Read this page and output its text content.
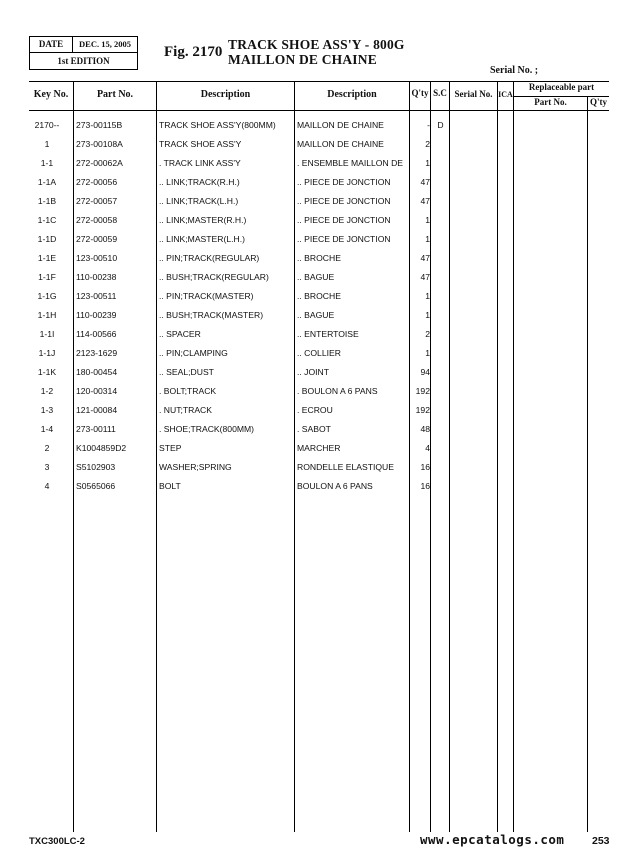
DATE	DEC. 15, 2005
1st EDITION
Fig. 2170 TRACK SHOE ASS'Y - 800G
MAILLON DE CHAINE
Serial No. ;
Key No.	Part No.	Description	Description	Q'ty S.C Serial No. ICA
Replaceable part
Part No.	Q'ty
2170--	273-00115B	TRACK SHOE ASS'Y(800MM)	MAILLON DE CHAINE	- D
1	273-00108A	TRACK SHOE ASS'Y	MAILLON DE CHAINE	2
1-1	272-00062A	. TRACK LINK ASS'Y	. ENSEMBLE MAILLON DE	1
1-1A	272-00056	.. LINK;TRACK(R.H.)	.. PIECE DE JONCTION	47
1-1B	272-00057	.. LINK;TRACK(L.H.)	.. PIECE DE JONCTION	47
1-1C	272-00058	.. LINK;MASTER(R.H.)	.. PIECE DE JONCTION	1
1-1D	272-00059	.. LINK;MASTER(L.H.)	.. PIECE DE JONCTION	1
1-1E	123-00510	.. PIN;TRACK(REGULAR)	.. BROCHE	47
1-1F	110-00238	.. BUSH;TRACK(REGULAR)	.. BAGUE	47
1-1G	123-00511	.. PIN;TRACK(MASTER)	.. BROCHE	1
1-1H	110-00239	.. BUSH;TRACK(MASTER)	.. BAGUE	1
1-1I	114-00566	.. SPACER	.. ENTERTOISE	2
1-1J	2123-1629	.. PIN;CLAMPING	.. COLLIER	1
1-1K	180-00454	.. SEAL;DUST	.. JOINT	94
1-2	120-00314	. BOLT;TRACK	. BOULON A 6 PANS	192
1-3	121-00084	. NUT;TRACK	. ECROU	192
1-4	273-00111	. SHOE;TRACK(800MM)	. SABOT	48
2	K1004859D2	STEP	MARCHER	4
3	S5102903	WASHER;SPRING	RONDELLE ELASTIQUE	16
4	S0565066	BOLT	BOULON A 6 PANS	16
TXC300LC-2	www.epcatalogs.com	253
